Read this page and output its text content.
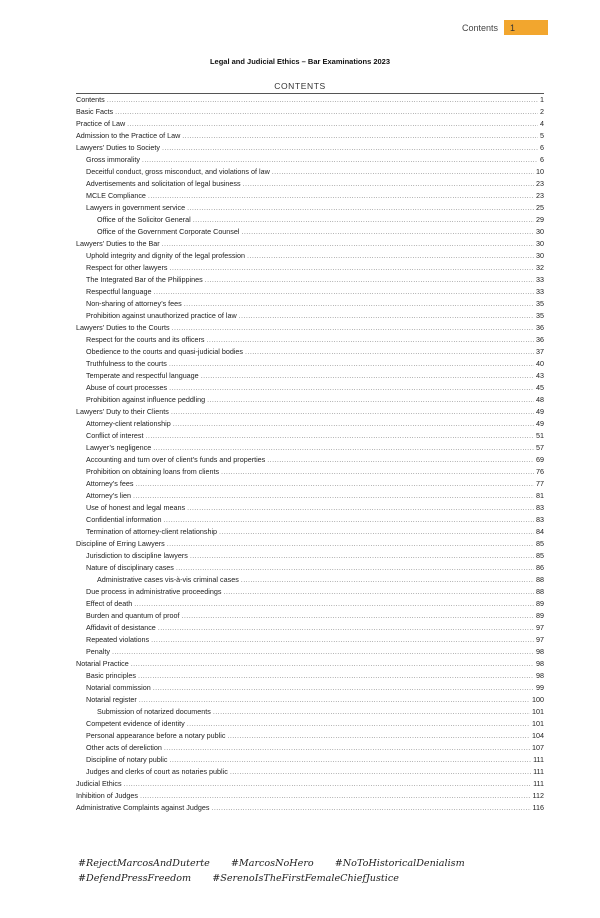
Contents	1
Legal and Judicial Ethics – Bar Examinations 2023
CONTENTS
Contents .....	1
Basic Facts .....	2
Practice of Law .....	4
Admission to the Practice of Law .....	5
Lawyers’ Duties to Society .....	6
Gross immorality .....	6
Deceitful conduct, gross misconduct, and violations of law .....	10
Advertisements and solicitation of legal business .....	23
MCLE Compliance .....	23
Lawyers in government service .....	25
Office of the Solicitor General .....	29
Office of the Government Corporate Counsel .....	30
Lawyers’ Duties to the Bar .....	30
Uphold integrity and dignity of the legal profession .....	30
Respect for other lawyers .....	32
The Integrated Bar of the Philippines .....	33
Respectful language .....	33
Non-sharing of attorney’s fees .....	35
Prohibition against unauthorized practice of law .....	35
Lawyers’ Duties to the Courts .....	36
Respect for the courts and its officers .....	36
Obedience to the courts and quasi-judicial bodies .....	37
Truthfulness to the courts .....	40
Temperate and respectful language .....	43
Abuse of court processes .....	45
Prohibition against influence peddling .....	48
Lawyers’ Duty to their Clients .....	49
Attorney-client relationship .....	49
Conflict of interest .....	51
Lawyer’s negligence .....	57
Accounting and turn over of client’s funds and properties .....	69
Prohibition on obtaining loans from clients .....	76
Attorney’s fees .....	77
Attorney’s lien .....	81
Use of honest and legal means .....	83
Confidential information .....	83
Termination of attorney-client relationship .....	84
Discipline of Erring Lawyers .....	85
Jurisdiction to discipline lawyers .....	85
Nature of disciplinary cases .....	86
Administrative cases vis-à-vis criminal cases .....	88
Due process in administrative proceedings .....	88
Effect of death .....	89
Burden and quantum of proof .....	89
Affidavit of desistance .....	97
Repeated violations .....	97
Penalty .....	98
Notarial Practice .....	98
Basic principles .....	98
Notarial commission .....	99
Notarial register .....	100
Submission of notarized documents .....	101
Competent evidence of identity .....	101
Personal appearance before a notary public .....	104
Other acts of dereliction .....	107
Discipline of notary public .....	111
Judges and clerks of court as notaries public .....	111
Judicial Ethics .....	111
Inhibition of Judges .....	112
Administrative Complaints against Judges .....	116
#RejectMarcosAndDuterte #MarcosNoHero #NoToHistoricalDenialism
#DefendPressFreedom #SerenoIsTheFirstFemaleChiefJustice
